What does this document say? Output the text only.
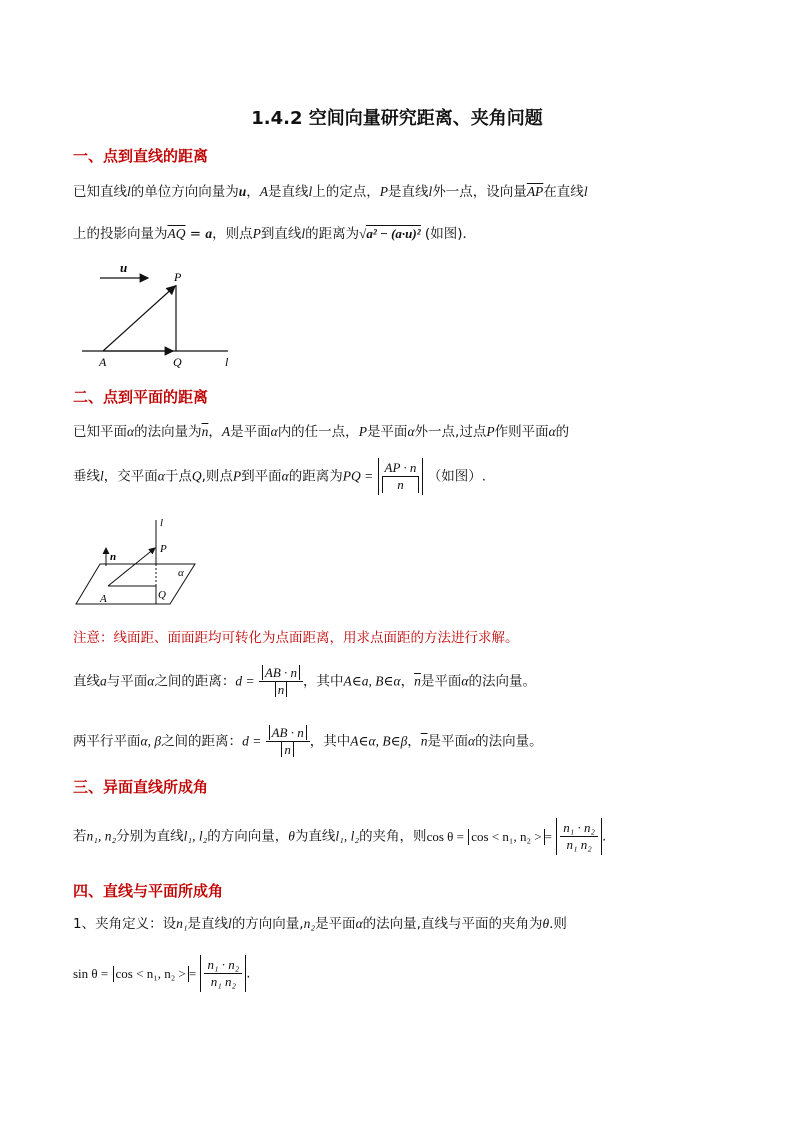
1.4.2 空间向量研究距离、夹角问题
一、点到直线的距离
已知直线l的单位方向向量为u，A是直线l上的定点，P是直线l外一点，设向量$\overline{AP}$在直线l
上的投影向量为$\overline{AQ} = a$，则点P到直线l的距离为√a² − (a·u)² (如图)．
u
P
A	Q	l
二、点到平面的距离
已知平面α的法向量为$\overline{n}$，A是平面α内的任一点，P是平面α外一点,过点P作则平面α的
垂线l，交平面α于点Q,则点P到平面α的距离为PQ = $\frac{AP \cdot n}{n}$ （如图）.
l
n
P
α
A	Q
注意：线面距、面面距均可转化为点面距离，用求点面距的方法进行求解。
直线a与平面α之间的距离：$d = \frac{AB \cdot n}{n}$ ，其中A∈a, B∈α，$\overline{n}$是平面α的法向量。
两平行平面α, β之间的距离：$d = \frac{AB \cdot n}{n}$ ，其中A∈α, B∈β，$\overline{n}$是平面α的法向量。
三、异面直线所成角
若n₁, n₂分别为直线l₁, l₂的方向向量，θ为直线l₁, l₂的夹角，则cos θ = cos < n₁, n₂ > = $\frac{\text{n₁ · n₂}}{\text{n₁ n₂}}$ .
四、直线与平面所成角
1、夹角定义：设n₁是直线l的方向向量,n₂是平面α的法向量,直线与平面的夹角为θ.则
sin θ = cos < n₁, n₂ > = $\frac{\text{n₁ · n₂}}{\text{n₁ n₂}}$ .
